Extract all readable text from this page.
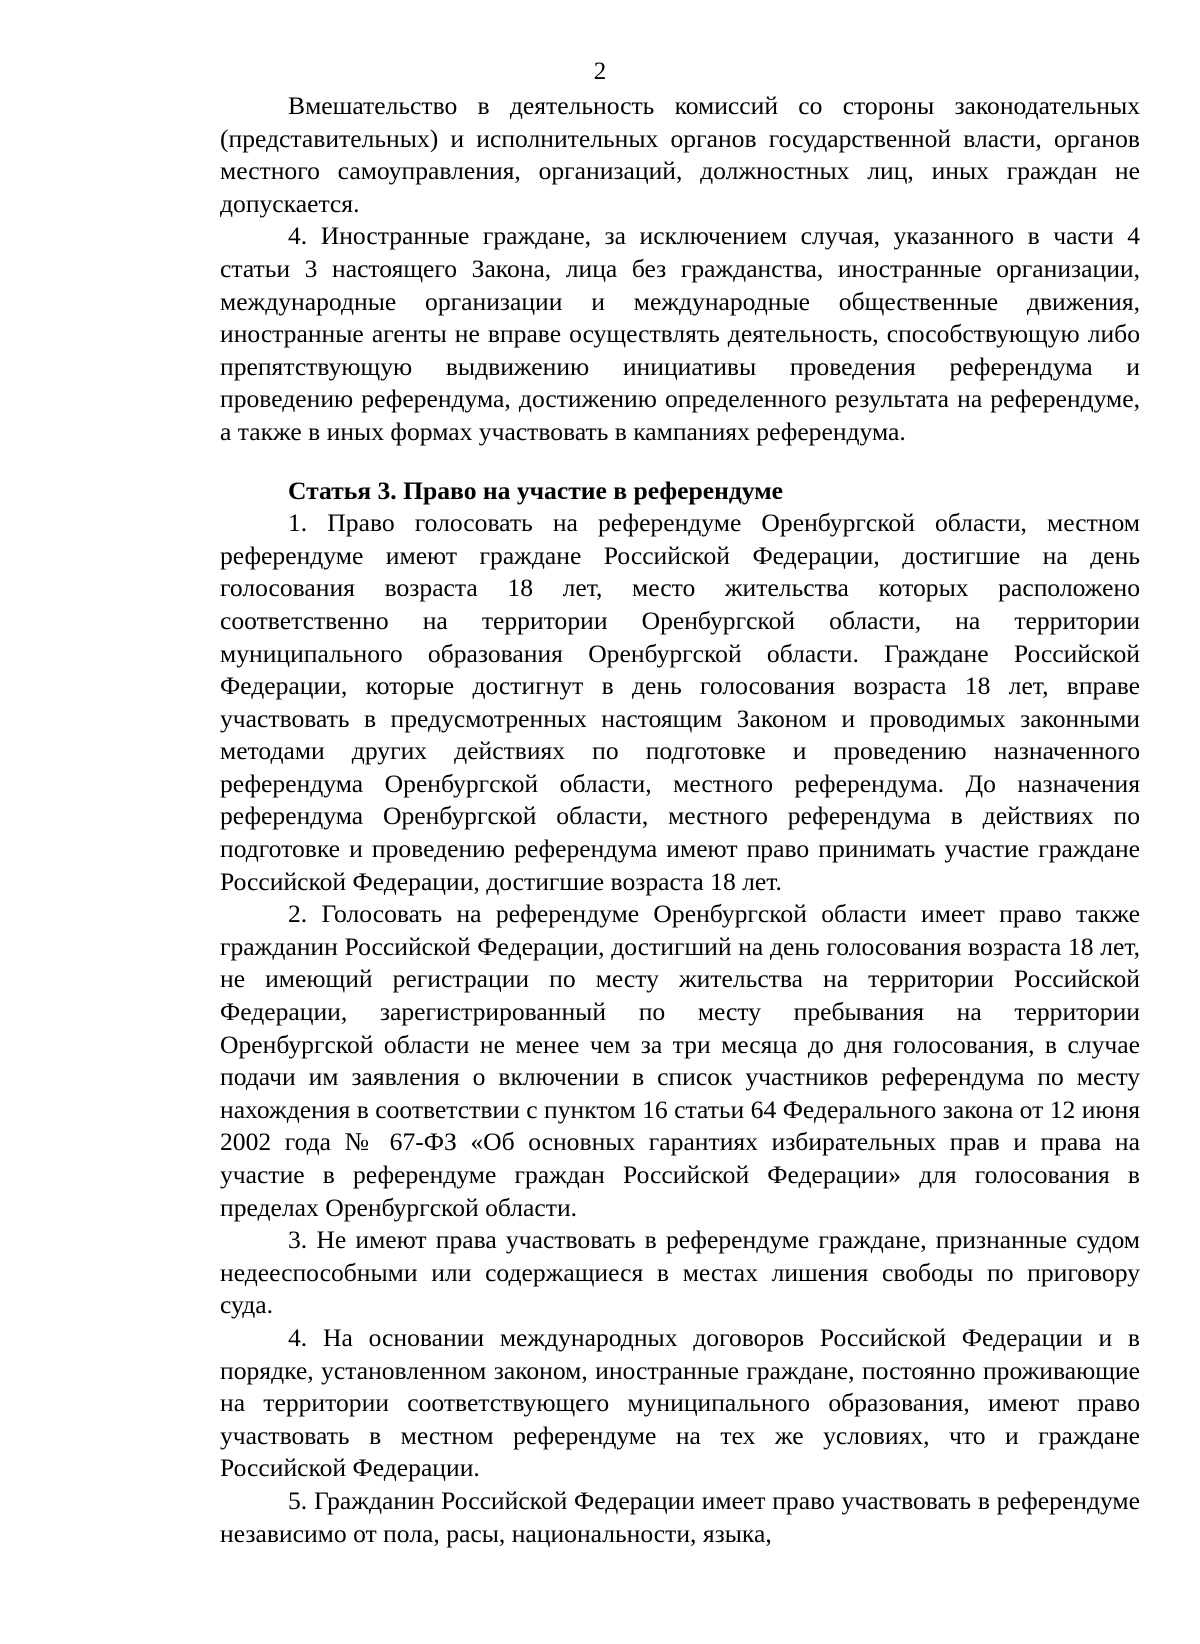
2

Вмешательство в деятельность комиссий со стороны законодательных (представительных) и исполнительных органов государственной власти, органов местного самоуправления, организаций, должностных лиц, иных граждан не допускается.

4. Иностранные граждане, за исключением случая, указанного в части 4 статьи 3 настоящего Закона, лица без гражданства, иностранные организации, международные организации и международные общественные движения, иностранные агенты не вправе осуществлять деятельность, способствующую либо препятствующую выдвижению инициативы проведения референдума и проведению референдума, достижению определенного результата на референдуме, а также в иных формах участвовать в кампаниях референдума.

Статья 3. Право на участие в референдуме

1. Право голосовать на референдуме Оренбургской области, местном референдуме имеют граждане Российской Федерации, достигшие на день голосования возраста 18 лет, место жительства которых расположено соответственно на территории Оренбургской области, на территории муниципального образования Оренбургской области. Граждане Российской Федерации, которые достигнут в день голосования возраста 18 лет, вправе участвовать в предусмотренных настоящим Законом и проводимых законными методами других действиях по подготовке и проведению назначенного референдума Оренбургской области, местного референдума. До назначения референдума Оренбургской области, местного референдума в действиях по подготовке и проведению референдума имеют право принимать участие граждане Российской Федерации, достигшие возраста 18 лет.

2. Голосовать на референдуме Оренбургской области имеет право также гражданин Российской Федерации, достигший на день голосования возраста 18 лет, не имеющий регистрации по месту жительства на территории Российской Федерации, зарегистрированный по месту пребывания на территории Оренбургской области не менее чем за три месяца до дня голосования, в случае подачи им заявления о включении в список участников референдума по месту нахождения в соответствии с пунктом 16 статьи 64 Федерального закона от 12 июня 2002 года № 67-ФЗ «Об основных гарантиях избирательных прав и права на участие в референдуме граждан Российской Федерации» для голосования в пределах Оренбургской области.

3. Не имеют права участвовать в референдуме граждане, признанные судом недееспособными или содержащиеся в местах лишения свободы по приговору суда.

4. На основании международных договоров Российской Федерации и в порядке, установленном законом, иностранные граждане, постоянно проживающие на территории соответствующего муниципального образования, имеют право участвовать в местном референдуме на тех же условиях, что и граждане Российской Федерации.

5. Гражданин Российской Федерации имеет право участвовать в референдуме независимо от пола, расы, национальности, языка,
